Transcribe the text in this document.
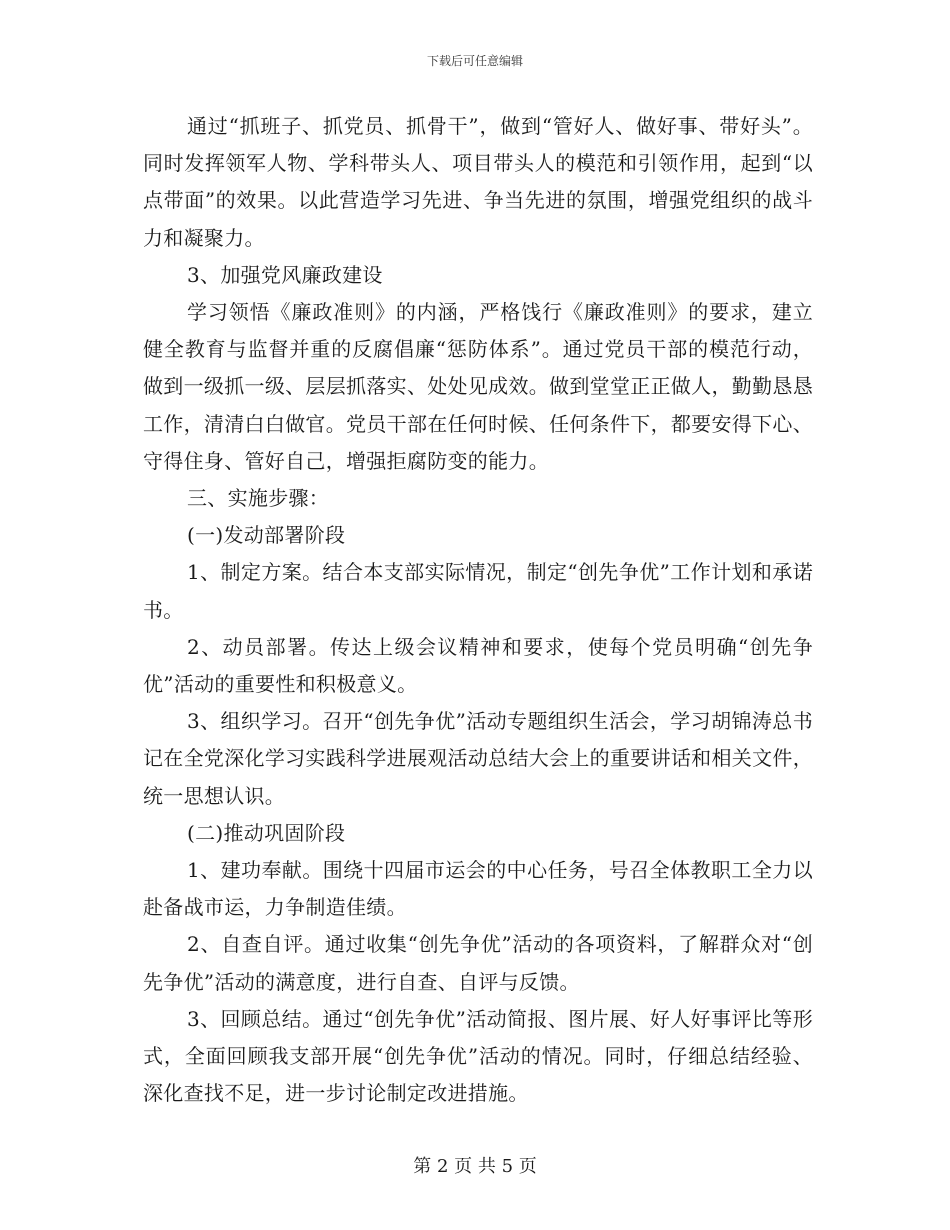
下载后可任意编辑

通过“抓班子、抓党员、抓骨干”，做到“管好人、做好事、带好头”。同时发挥领军人物、学科带头人、项目带头人的模范和引领作用，起到“以点带面”的效果。以此营造学习先进、争当先进的氛围，增强党组织的战斗力和凝聚力。

3、加强党风廉政建设

学习领悟《廉政准则》的内涵，严格饯行《廉政准则》的要求，建立健全教育与监督并重的反腐倡廉“惩防体系”。通过党员干部的模范行动，做到一级抓一级、层层抓落实、处处见成效。做到堂堂正正做人，勤勤恳恳工作，清清白白做官。党员干部在任何时候、任何条件下，都要安得下心、守得住身、管好自己，增强拒腐防变的能力。

三、实施步骤：

(一)发动部署阶段

1、制定方案。结合本支部实际情况，制定“创先争优”工作计划和承诺书。

2、动员部署。传达上级会议精神和要求，使每个党员明确“创先争优”活动的重要性和积极意义。

3、组织学习。召开“创先争优”活动专题组织生活会，学习胡锦涛总书记在全党深化学习实践科学进展观活动总结大会上的重要讲话和相关文件，统一思想认识。

(二)推动巩固阶段

1、建功奉献。围绕十四届市运会的中心任务，号召全体教职工全力以赴备战市运，力争制造佳绩。

2、自查自评。通过收集“创先争优”活动的各项资料，了解群众对“创先争优”活动的满意度，进行自查、自评与反馈。

3、回顾总结。通过“创先争优”活动简报、图片展、好人好事评比等形式，全面回顾我支部开展“创先争优”活动的情况。同时，仔细总结经验、深化查找不足，进一步讨论制定改进措施。

第 2 页 共 5 页
